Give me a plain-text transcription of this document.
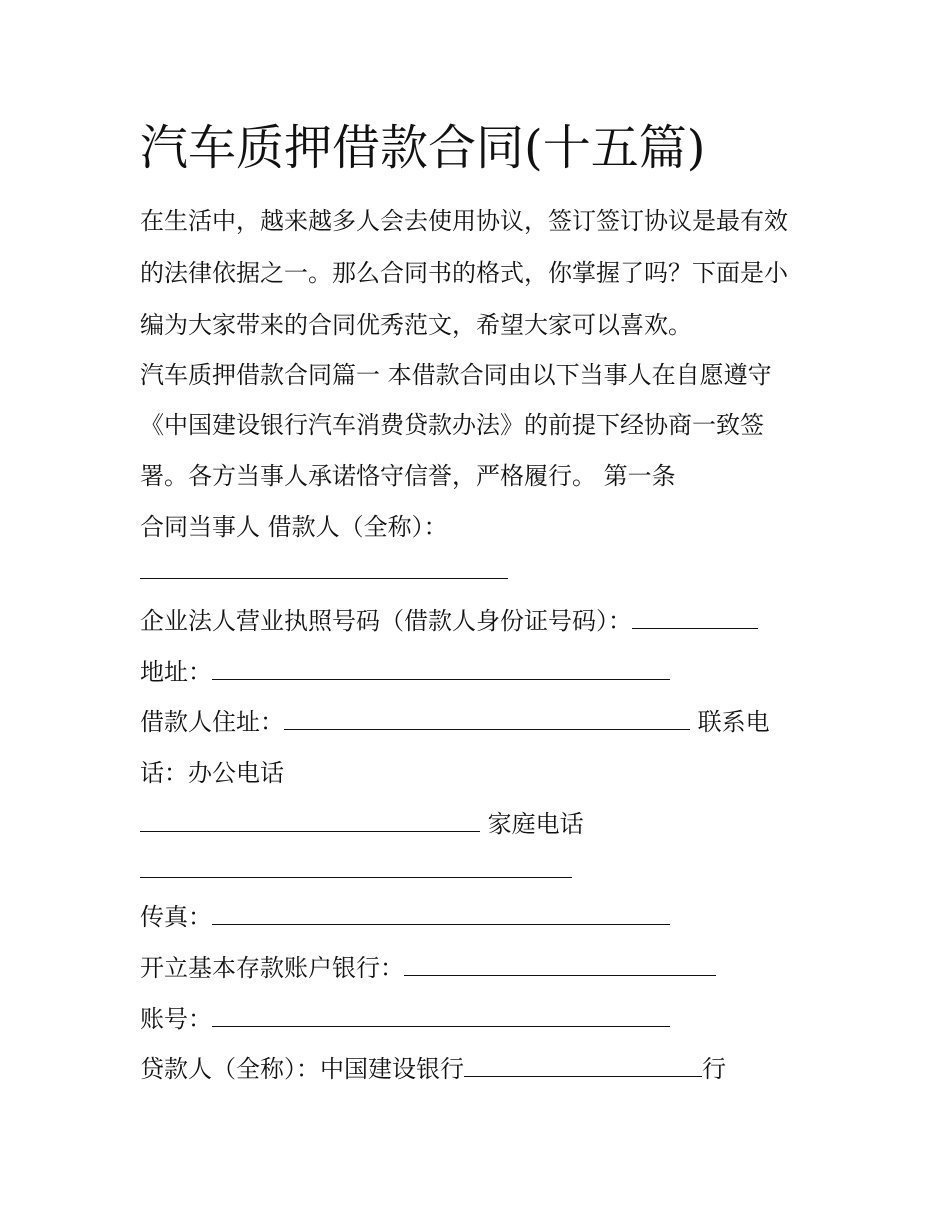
汽车质押借款合同(十五篇)

在生活中，越来越多人会去使用协议，签订签订协议是最有效

的法律依据之一。那么合同书的格式，你掌握了吗？下面是小

编为大家带来的合同优秀范文，希望大家可以喜欢。

汽车质押借款合同篇一 本借款合同由以下当事人在自愿遵守

《中国建设银行汽车消费贷款办法》的前提下经协商一致签

署。各方当事人承诺恪守信誉，严格履行。 第一条

合同当事人 借款人（全称）：

企业法人营业执照号码（借款人身份证号码）：

地址：

借款人住址：	联系电

话：办公电话

家庭电话

传真：

开立基本存款账户银行：

账号：

贷款人（全称）：中国建设银行	行
